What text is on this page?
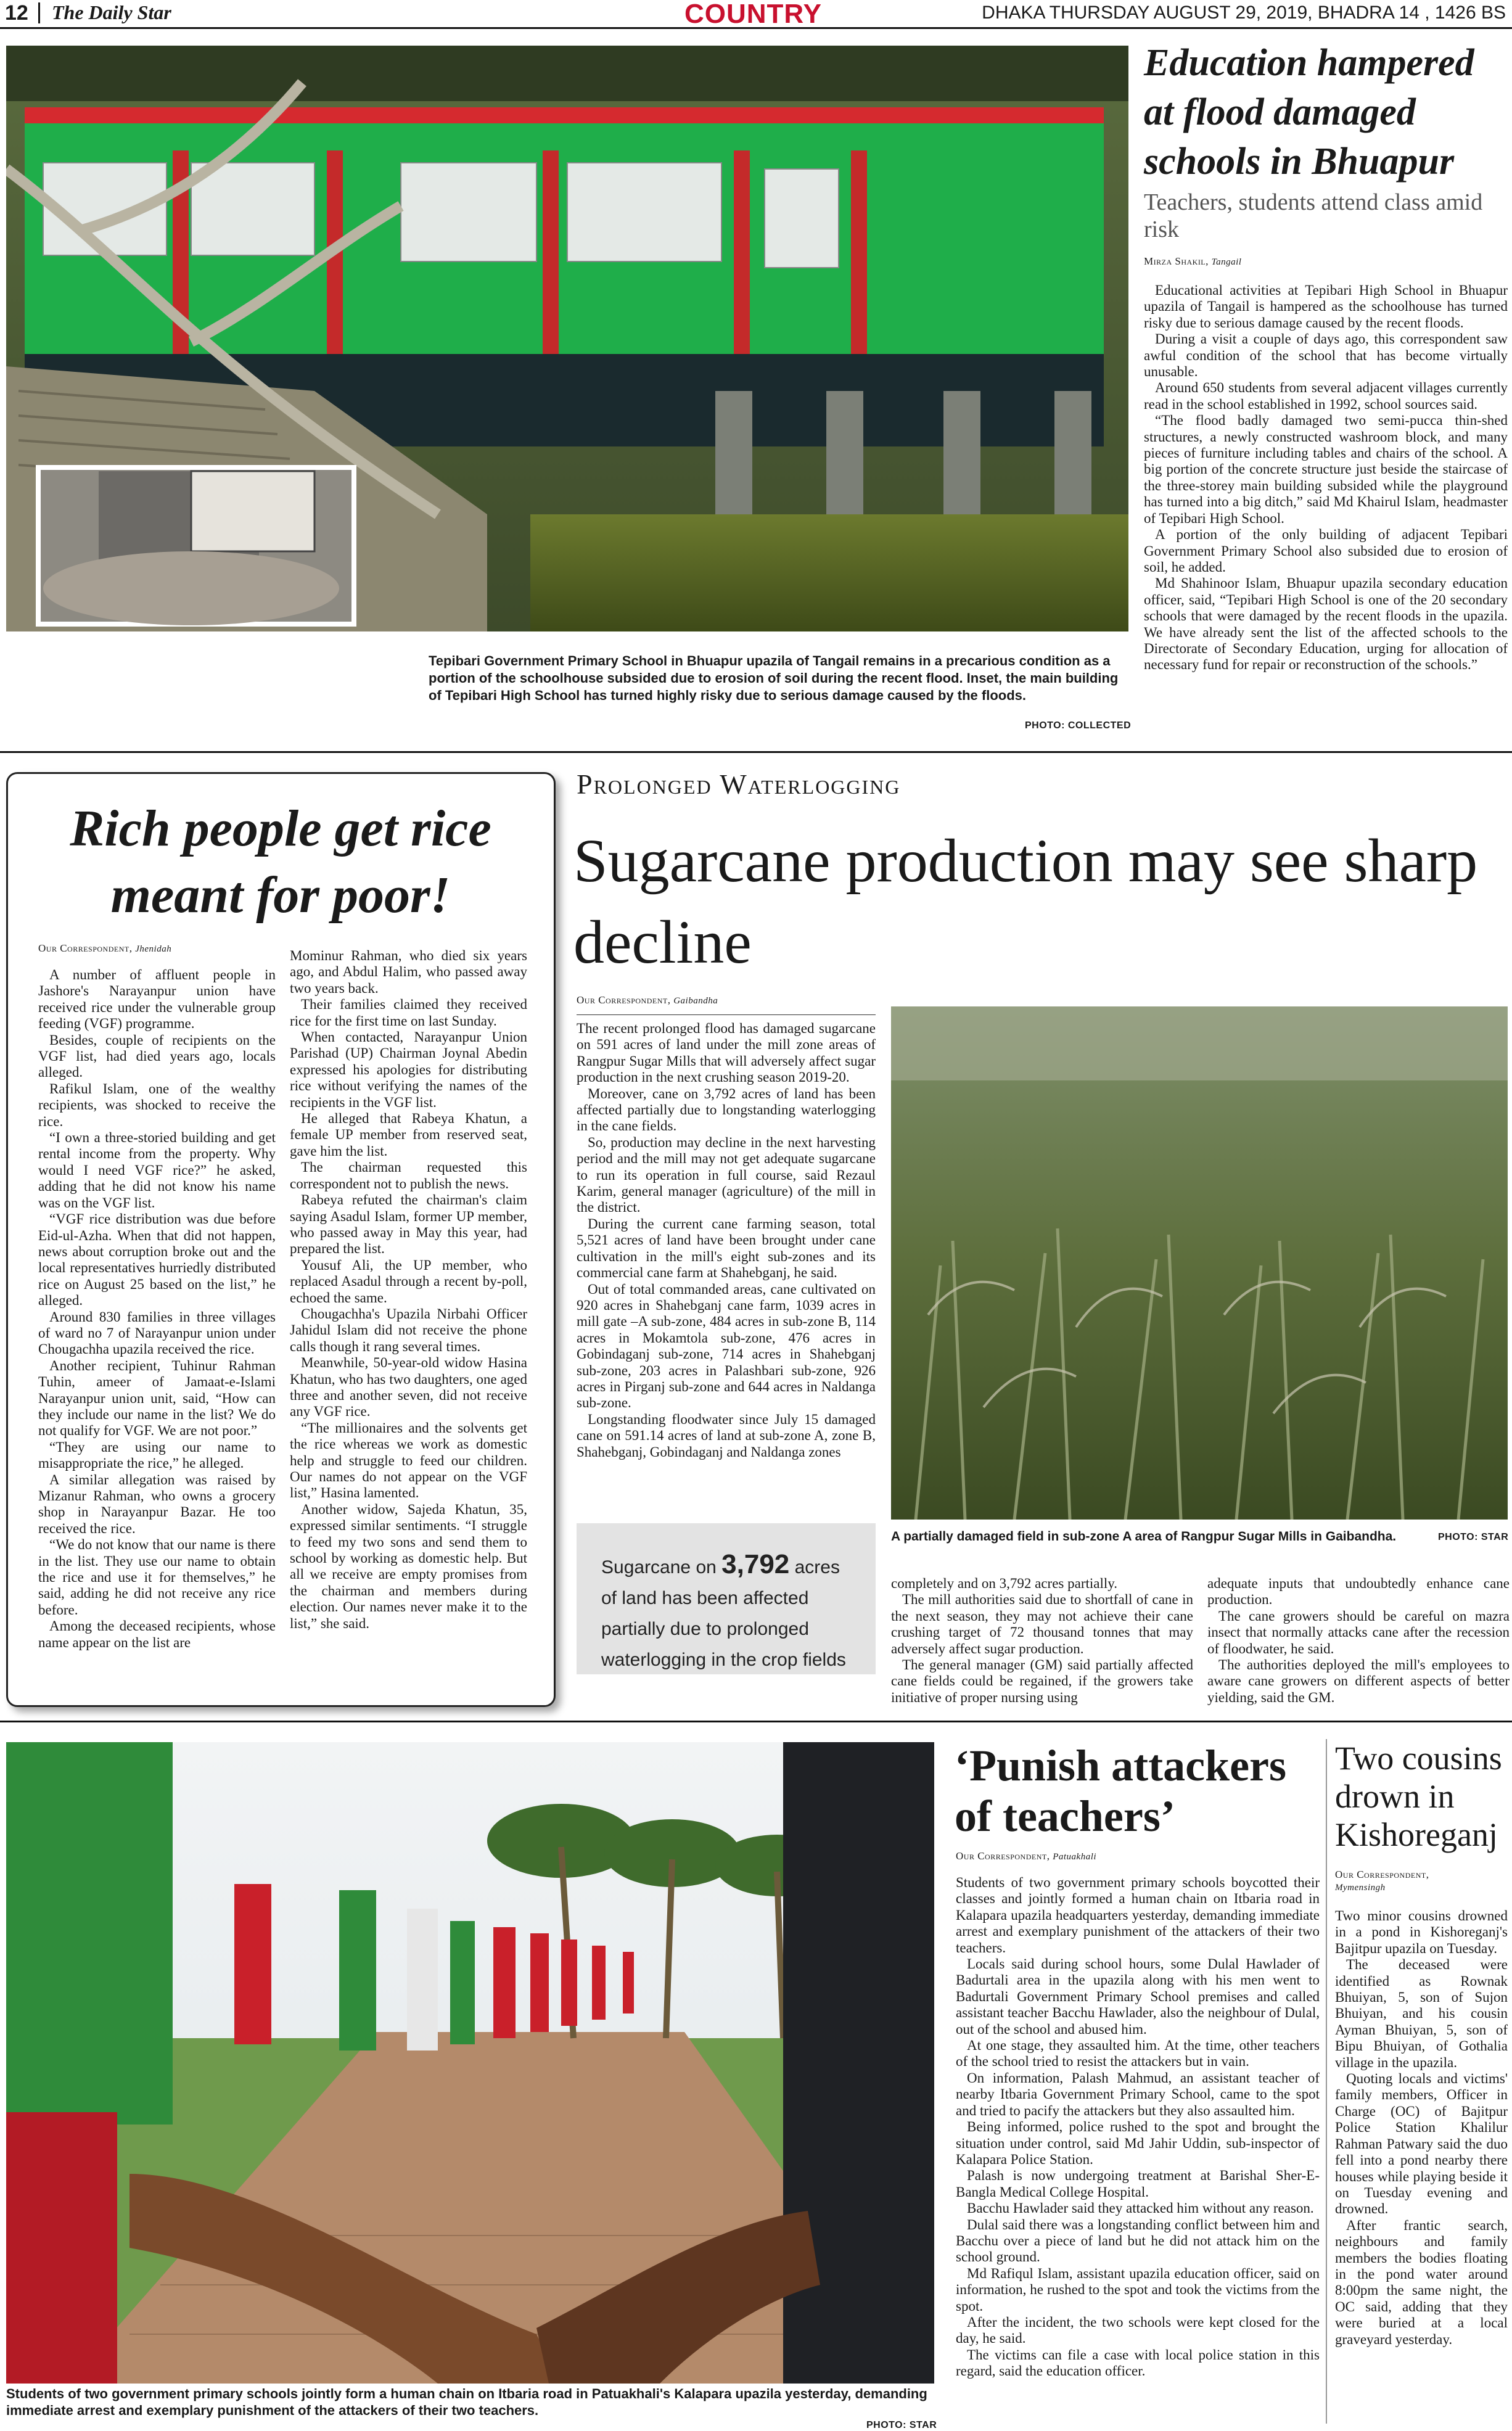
12 The Daily Star	COUNTRY	DHAKA THURSDAY AUGUST 29, 2019, BHADRA 14 , 1426 BS
Tepibari Government Primary School in Bhuapur upazila of Tangail remains in a precarious condition as a portion of the schoolhouse subsided due to erosion of soil during the recent flood. Inset, the main building of Tepibari High School has turned highly risky due to serious damage caused by the floods.
PHOTO: COLLECTED
Education hampered at flood damaged schools in Bhuapur
Teachers, students attend class amid risk
Mirza Shakil, Tangail

Educational activities at Tepibari High School in Bhuapur upazila of Tangail is hampered as the schoolhouse has turned risky due to serious damage caused by the recent floods.

During a visit a couple of days ago, this correspondent saw awful condition of the school that has become virtually unusable.

Around 650 students from several adjacent villages currently read in the school established in 1992, school sources said.

“The flood badly damaged two semi-pucca thin-shed structures, a newly constructed washroom block, and many pieces of furniture including tables and chairs of the school. A big portion of the concrete structure just beside the staircase of the three-storey main building subsided while the playground has turned into a big ditch,” said Md Khairul Islam, headmaster of Tepibari High School.

A portion of the only building of adjacent Tepibari Government Primary School also subsided due to erosion of soil, he added.

Md Shahinoor Islam, Bhuapur upazila secondary education officer, said, “Tepibari High School is one of the 20 secondary schools that were damaged by the recent floods in the upazila. We have already sent the list of the affected schools to the Directorate of Secondary Education, urging for allocation of necessary fund for repair or reconstruction of the schools.”

Rich people get rice meant for poor!
Our Correspondent, Jhenidah

A number of affluent people in Jashore's Narayanpur union have received rice under the vulnerable group feeding (VGF) programme.

Besides, couple of recipients on the VGF list, had died years ago, locals alleged.

Rafikul Islam, one of the wealthy recipients, was shocked to receive the rice.

“I own a three-storied building and get rental income from the property. Why would I need VGF rice?” he asked, adding that he did not know his name was on the VGF list.

“VGF rice distribution was due before Eid-ul-Azha. When that did not happen, news about corruption broke out and the local representatives hurriedly distributed rice on August 25 based on the list,” he alleged.

Around 830 families in three villages of ward no 7 of Narayanpur union under Chougachha upazila received the rice.

Another recipient, Tuhinur Rahman Tuhin, ameer of Jamaat-e-Islami Narayanpur union unit, said, “How can they include our name in the list? We do not qualify for VGF. We are not poor.”

“They are using our name to misappropriate the rice,” he alleged.

A similar allegation was raised by Mizanur Rahman, who owns a grocery shop in Narayanpur Bazar. He too received the rice.

“We do not know that our name is there in the list. They use our name to obtain the rice and use it for themselves,” he said, adding he did not receive any rice before.

Among the deceased recipients, whose name appear on the list are

Mominur Rahman, who died six years ago, and Abdul Halim, who passed away two years back.

Their families claimed they received rice for the first time on last Sunday.

When contacted, Narayanpur Union Parishad (UP) Chairman Joynal Abedin expressed his apologies for distributing rice without verifying the names of the recipients in the VGF list.

He alleged that Rabeya Khatun, a female UP member from reserved seat, gave him the list.

The chairman requested this correspondent not to publish the news.

Rabeya refuted the chairman's claim saying Asadul Islam, former UP member, who passed away in May this year, had prepared the list.

Yousuf Ali, the UP member, who replaced Asadul through a recent by-poll, echoed the same.

Chougachha's Upazila Nirbahi Officer Jahidul Islam did not receive the phone calls though it rang several times.

Meanwhile, 50-year-old widow Hasina Khatun, who has two daughters, one aged three and another seven, did not receive any VGF rice.

“The millionaires and the solvents get the rice whereas we work as domestic help and struggle to feed our children. Our names do not appear on the VGF list,” Hasina lamented.

Another widow, Sajeda Khatun, 35, expressed similar sentiments. “I struggle to feed my two sons and send them to school by working as domestic help. But all we receive are empty promises from the chairman and members during election. Our names never make it to the list,” she said.

Prolonged Waterlogging
Sugarcane production may see sharp decline
Our Correspondent, Gaibandha

The recent prolonged flood has damaged sugarcane on 591 acres of land under the mill zone areas of Rangpur Sugar Mills that will adversely affect sugar production in the next crushing season 2019-20.

Moreover, cane on 3,792 acres of land has been affected partially due to longstanding waterlogging in the cane fields.

So, production may decline in the next harvesting period and the mill may not get adequate sugarcane to run its operation in full course, said Rezaul Karim, general manager (agriculture) of the mill in the district.

During the current cane farming season, total 5,521 acres of land have been brought under cane cultivation in the mill's eight sub-zones and its commercial cane farm at Shahebganj, he said.

Out of total commanded areas, cane cultivated on 920 acres in Shahebganj cane farm, 1039 acres in mill gate –A sub-zone, 484 acres in sub-zone B, 114 acres in Mokamtola sub-zone, 476 acres in Gobindaganj sub-zone, 714 acres in Shahebganj sub-zone, 203 acres in Palashbari sub-zone, 926 acres in Pirganj sub-zone and 644 acres in Naldanga sub-zone.

Longstanding floodwater since July 15 damaged cane on 591.14 acres of land at sub-zone A, zone B, Shahebganj, Gobindaganj and Naldanga zones

A partially damaged field in sub-zone A area of Rangpur Sugar Mills in Gaibandha.	PHOTO: STAR
Sugarcane on 3,792 acres of land has been affected partially due to prolonged waterlogging in the crop fields

completely and on 3,792 acres partially.

The mill authorities said due to shortfall of cane in the next season, they may not achieve their cane crushing target of 72 thousand tonnes that may adversely affect sugar production.

The general manager (GM) said partially affected cane fields could be regained, if the growers take initiative of proper nursing using

adequate inputs that undoubtedly enhance cane production.

The cane growers should be careful on mazra insect that normally attacks cane after the recession of floodwater, he said.

The authorities deployed the mill's employees to aware cane growers on different aspects of better yielding, said the GM.

Students of two government primary schools jointly form a human chain on Itbaria road in Patuakhali's Kalapara upazila yesterday, demanding immediate arrest and exemplary punishment of the attackers of their two teachers.
PHOTO: STAR
‘Punish attackers of teachers’
Our Correspondent, Patuakhali

Students of two government primary schools boycotted their classes and jointly formed a human chain on Itbaria road in Kalapara upazila headquarters yesterday, demanding immediate arrest and exemplary punishment of the attackers of their two teachers.

Locals said during school hours, some Dulal Hawlader of Badurtali area in the upazila along with his men went to Badurtali Government Primary School premises and called assistant teacher Bacchu Hawlader, also the neighbour of Dulal, out of the school and abused him.

At one stage, they assaulted him. At the time, other teachers of the school tried to resist the attackers but in vain.

On information, Palash Mahmud, an assistant teacher of nearby Itbaria Government Primary School, came to the spot and tried to pacify the attackers but they also assaulted him.

Being informed, police rushed to the spot and brought the situation under control, said Md Jahir Uddin, sub-inspector of Kalapara Police Station.

Palash is now undergoing treatment at Barishal Sher-E-Bangla Medical College Hospital.

Bacchu Hawlader said they attacked him without any reason.

Dulal said there was a longstanding conflict between him and Bacchu over a piece of land but he did not attack him on the school ground.

Md Rafiqul Islam, assistant upazila education officer, said on information, he rushed to the spot and took the victims from the spot.

After the incident, the two schools were kept closed for the day, he said.

The victims can file a case with local police station in this regard, said the education officer.

Two cousins drown in Kishoreganj
Our Correspondent,
Mymensingh

Two minor cousins drowned in a pond in Kishoreganj's Bajitpur upazila on Tuesday.

The deceased were identified as Rownak Bhuiyan, 5, son of Sujon Bhuiyan, and his cousin Ayman Bhuiyan, 5, son of Bipu Bhuiyan, of Gothalia village in the upazila.

Quoting locals and victims' family members, Officer in Charge (OC) of Bajitpur Police Station Khalilur Rahman Patwary said the duo fell into a pond nearby there houses while playing beside it on Tuesday evening and drowned.

After frantic search, neighbours and family members the bodies floating in the pond water around 8:00pm the same night, the OC said, adding that they were buried at a local graveyard yesterday.
